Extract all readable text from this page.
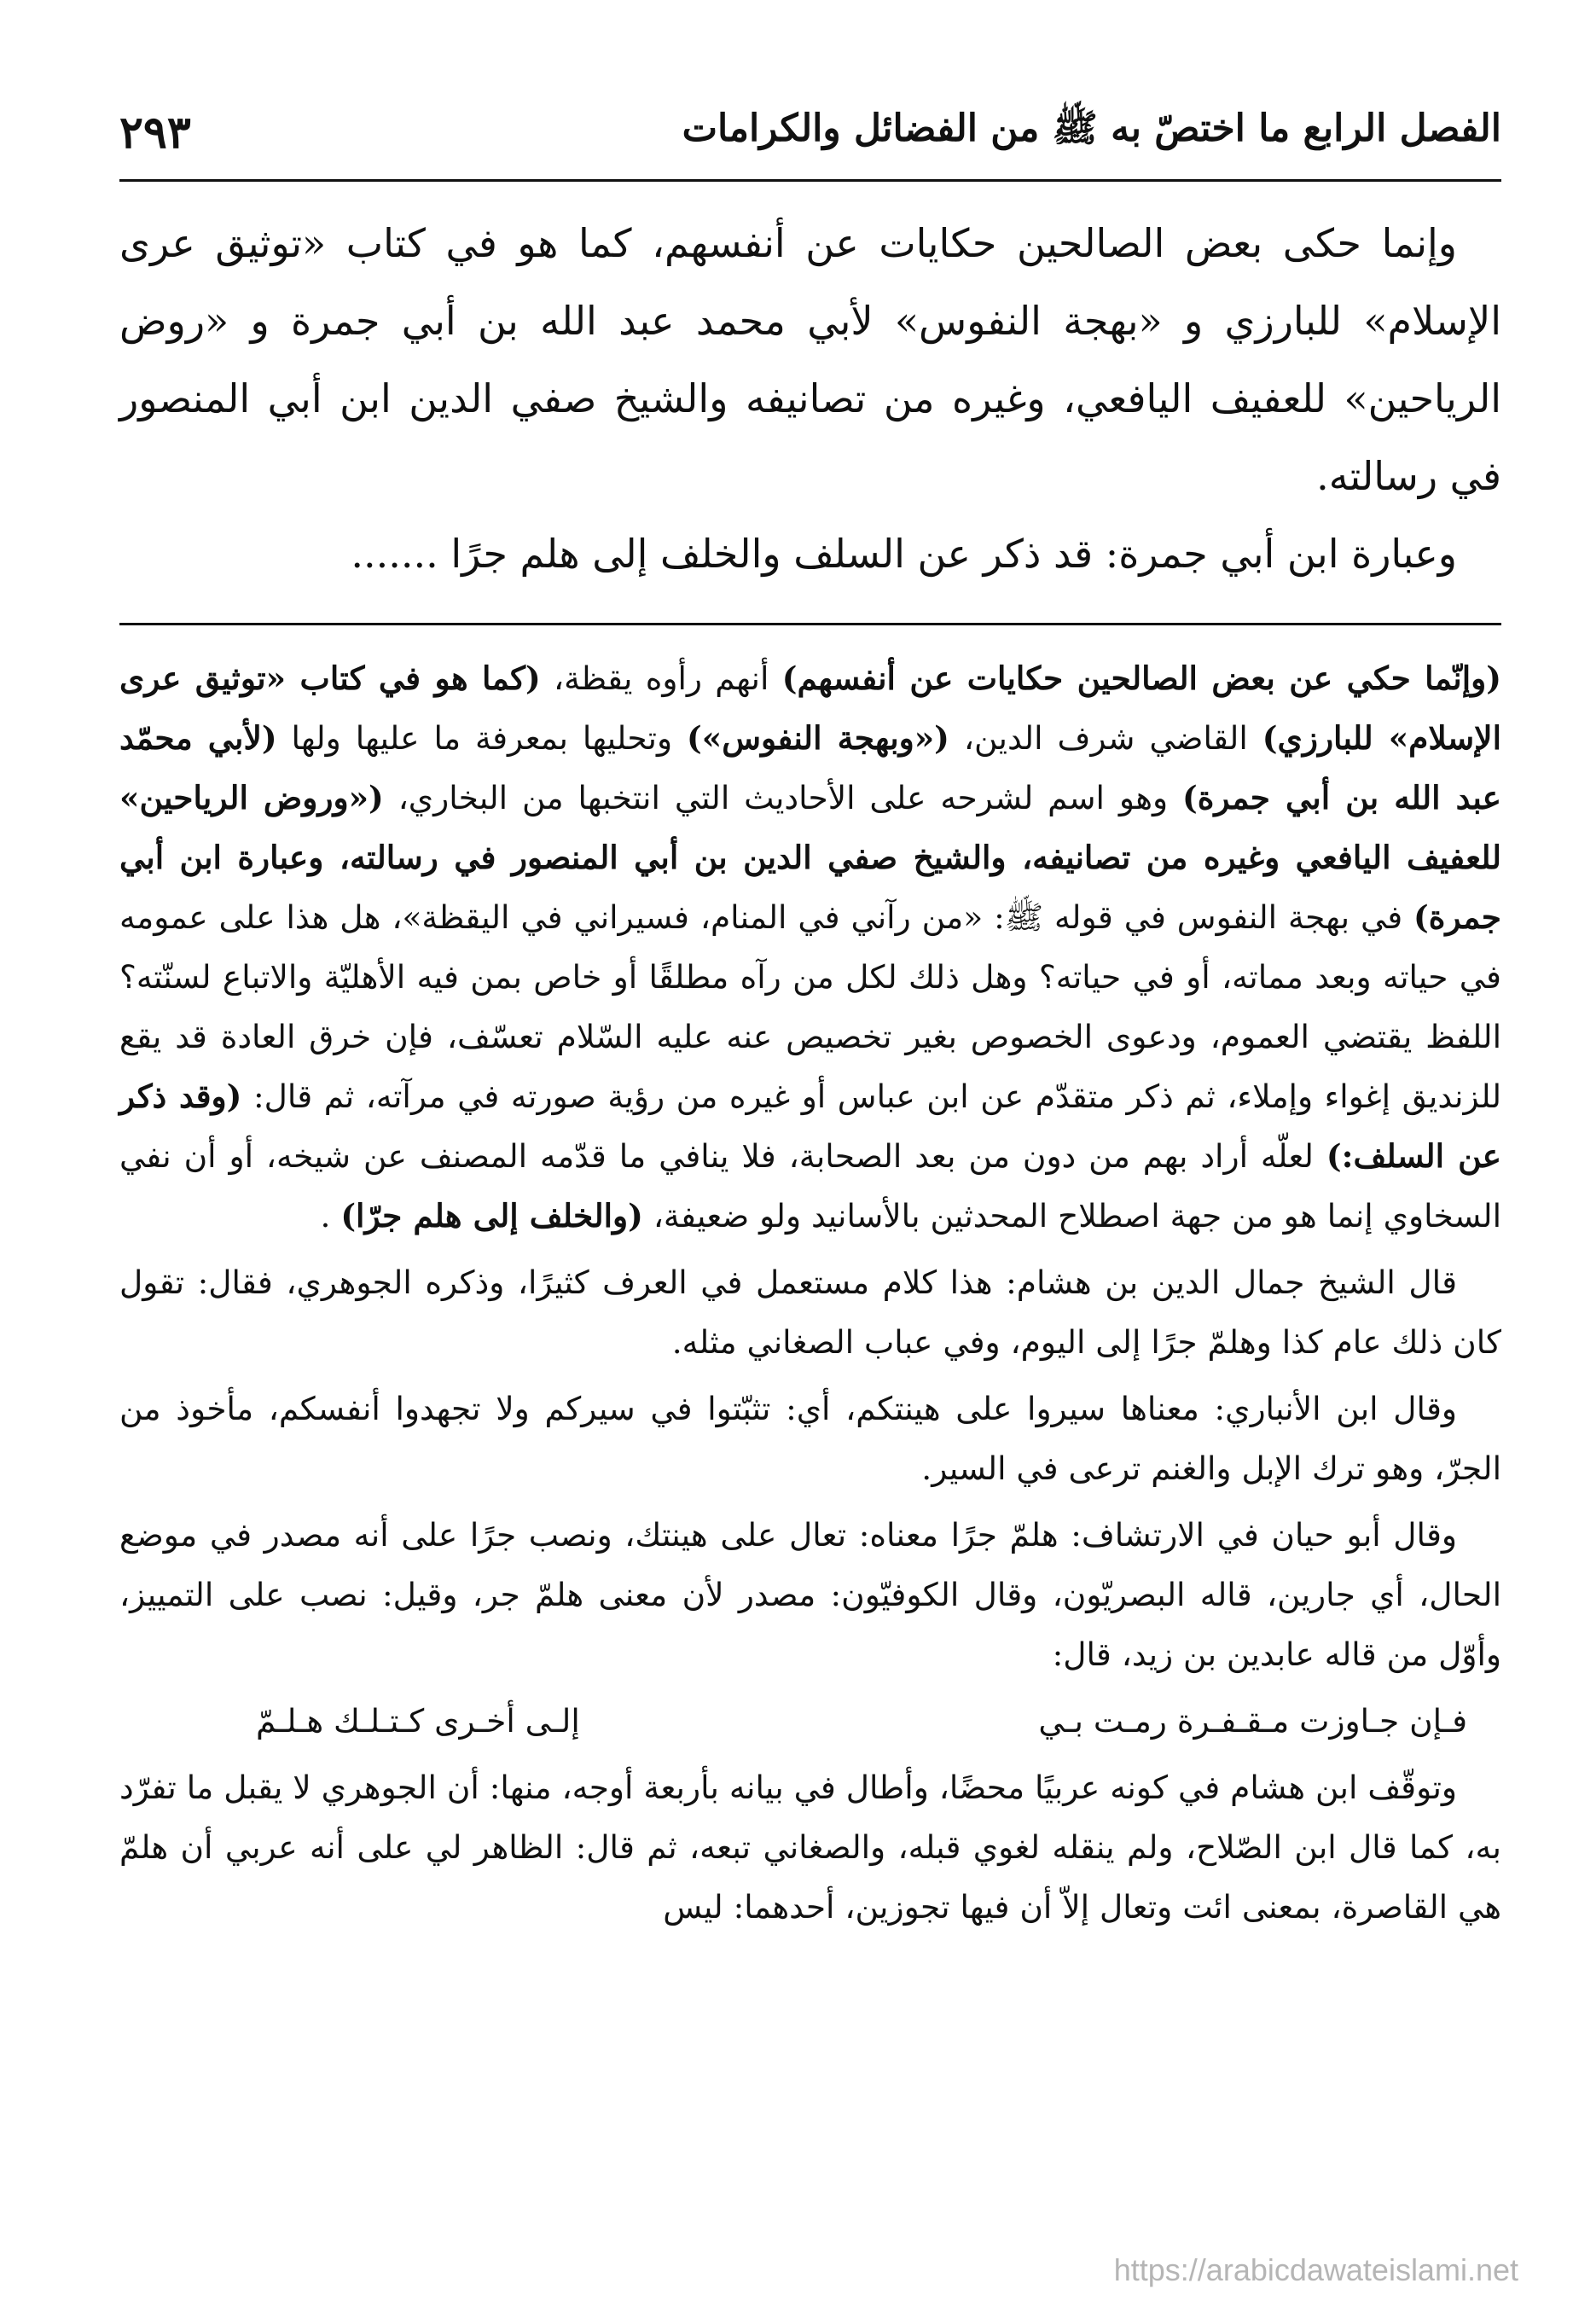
الفصل الرابع ما اختصّ به ﷺ من الفضائل والكرامات
٢٩٣

وإنما حكى بعض الصالحين حكايات عن أنفسهم، كما هو في كتاب «توثيق عرى الإسلام» للبارزي و «بهجة النفوس» لأبي محمد عبد الله بن أبي جمرة و «روض الرياحين» للعفيف اليافعي، وغيره من تصانيفه والشيخ صفي الدين ابن أبي المنصور في رسالته.

وعبارة ابن أبي جمرة: قد ذكر عن السلف والخلف إلى هلم جرًا .......

(وإنّما حكي عن بعض الصالحين حكايات عن أنفسهم) أنهم رأوه يقظة، (كما هو في كتاب «توثيق عرى الإسلام» للبارزي) القاضي شرف الدين، («وبهجة النفوس») وتحليها بمعرفة ما عليها ولها (لأبي محمّد عبد الله بن أبي جمرة) وهو اسم لشرحه على الأحاديث التي انتخبها من البخاري، («وروض الرياحين» للعفيف اليافعي وغيره من تصانيفه، والشيخ صفي الدين بن أبي المنصور في رسالته، وعبارة ابن أبي جمرة) في بهجة النفوس في قوله ﷺ: «من رآني في المنام، فسيراني في اليقظة»، هل هذا على عمومه في حياته وبعد مماته، أو في حياته؟ وهل ذلك لكل من رآه مطلقًا أو خاص بمن فيه الأهليّة والاتباع لسنّته؟ اللفظ يقتضي العموم، ودعوى الخصوص بغير تخصيص عنه عليه السّلام تعسّف، فإن خرق العادة قد يقع للزنديق إغواء وإملاء، ثم ذكر متقدّم عن ابن عباس أو غيره من رؤية صورته في مرآته، ثم قال: (وقد ذكر عن السلف:) لعلّه أراد بهم من دون من بعد الصحابة، فلا ينافي ما قدّمه المصنف عن شيخه، أو أن نفي السخاوي إنما هو من جهة اصطلاح المحدثين بالأسانيد ولو ضعيفة، (والخلف إلى هلم جرّا) .

قال الشيخ جمال الدين بن هشام: هذا كلام مستعمل في العرف كثيرًا، وذكره الجوهري، فقال: تقول كان ذلك عام كذا وهلمّ جرًا إلى اليوم، وفي عباب الصغاني مثله.

وقال ابن الأنباري: معناها سيروا على هينتكم، أي: تثبّتوا في سيركم ولا تجهدوا أنفسكم، مأخوذ من الجرّ، وهو ترك الإبل والغنم ترعى في السير.

وقال أبو حيان في الارتشاف: هلمّ جرًا معناه: تعال على هينتك، ونصب جرًا على أنه مصدر في موضع الحال، أي جارين، قاله البصريّون، وقال الكوفيّون: مصدر لأن معنى هلمّ جر، وقيل: نصب على التمييز، وأوّل من قاله عابدين بن زيد، قال:

فـإن جـاوزت مـقـفـرة رمـت بـي
إلـى أخـرى كـتـلـك هـلـمّ

وتوقّف ابن هشام في كونه عربيًا محضًا، وأطال في بيانه بأربعة أوجه، منها: أن الجوهري لا يقبل ما تفرّد به، كما قال ابن الصّلاح، ولم ينقله لغوي قبله، والصغاني تبعه، ثم قال: الظاهر لي على أنه عربي أن هلمّ هي القاصرة، بمعنى ائت وتعال إلاّ أن فيها تجوزين، أحدهما: ليس

https://arabicdawateislami.net
